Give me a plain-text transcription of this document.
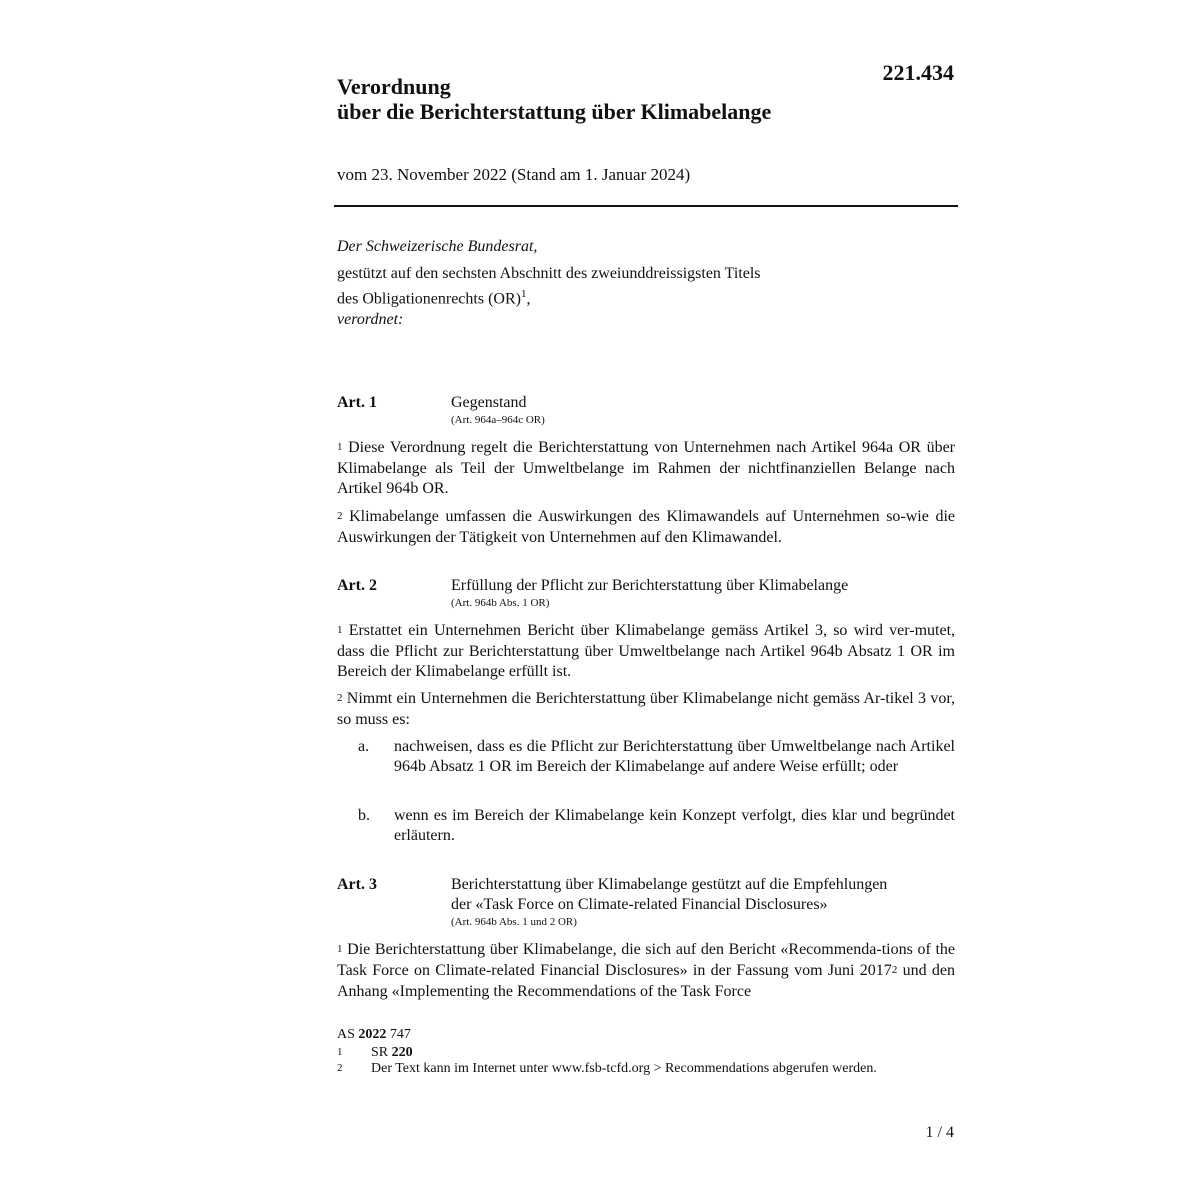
221.434
Verordnung
über die Berichterstattung über Klimabelange
vom 23. November 2022 (Stand am 1. Januar 2024)

Der Schweizerische Bundesrat,

gestützt auf den sechsten Abschnitt des zweiunddreissigsten Titels

des Obligationenrechts (OR)$^1$,

verordnet:

Art. 1	Gegenstand
(Art. 964a–964c OR)
$^1$ Diese Verordnung regelt die Berichterstattung von Unternehmen nach Artikel 964a OR über Klimabelange als Teil der Umweltbelange im Rahmen der nichtfinanziellen Belange nach Artikel 964b OR.
$^2$ Klimabelange umfassen die Auswirkungen des Klimawandels auf Unternehmen so-wie die Auswirkungen der Tätigkeit von Unternehmen auf den Klimawandel.
Art. 2	Erfüllung der Pflicht zur Berichterstattung über Klimabelange
(Art. 964b Abs. 1 OR)
$^1$ Erstattet ein Unternehmen Bericht über Klimabelange gemäss Artikel 3, so wird ver-mutet, dass die Pflicht zur Berichterstattung über Umweltbelange nach Artikel 964b Absatz 1 OR im Bereich der Klimabelange erfüllt ist.
$^2$ Nimmt ein Unternehmen die Berichterstattung über Klimabelange nicht gemäss Ar-tikel 3 vor, so muss es:
a. nachweisen, dass es die Pflicht zur Berichterstattung über Umweltbelange nach Artikel 964b Absatz 1 OR im Bereich der Klimabelange auf andere Weise erfüllt; oder
b. wenn es im Bereich der Klimabelange kein Konzept verfolgt, dies klar und begründet erläutern.
Art. 3	Berichterstattung über Klimabelange gestützt auf die Empfehlungen
der «Task Force on Climate-related Financial Disclosures»
(Art. 964b Abs. 1 und 2 OR)
$^1$ Die Berichterstattung über Klimabelange, die sich auf den Bericht «Recommenda-tions of the Task Force on Climate-related Financial Disclosures» in der Fassung vom Juni 2017$^2$ und den Anhang «Implementing the Recommendations of the Task Force
AS 2022 747
1 SR 220
2 Der Text kann im Internet unter www.fsb-tcfd.org > Recommendations abgerufen werden.
1 / 4
